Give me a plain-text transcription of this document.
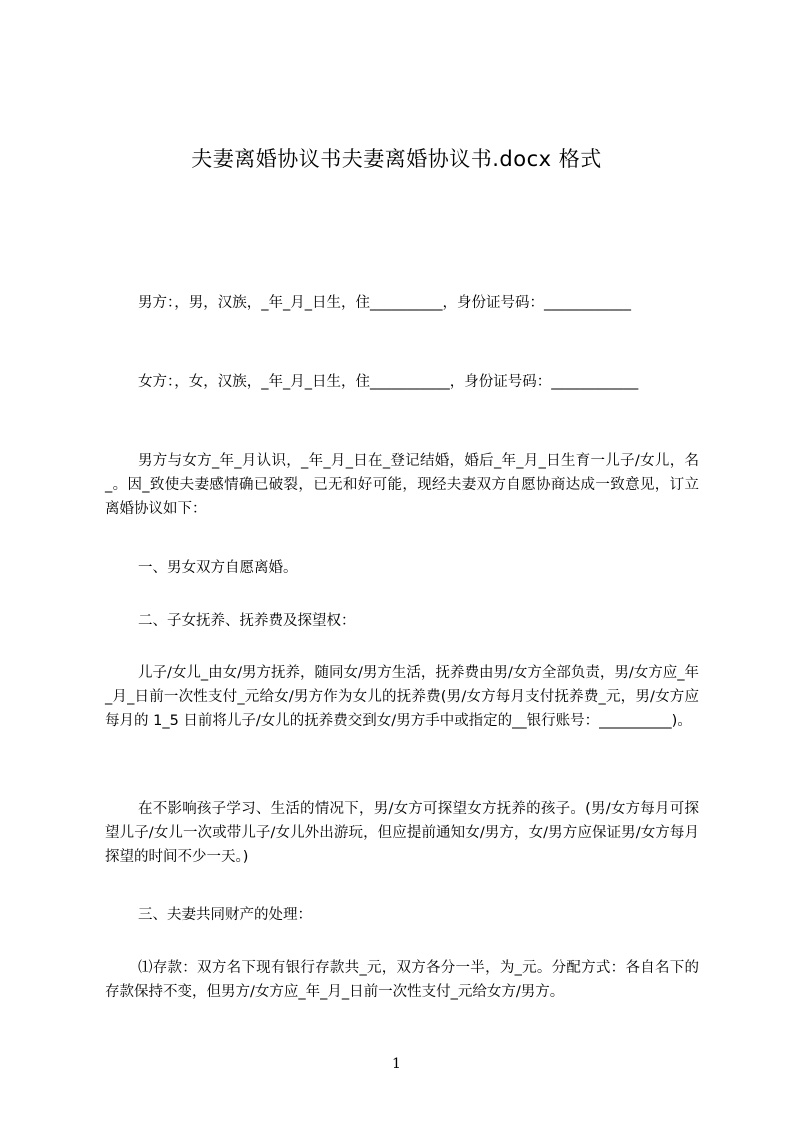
夫妻离婚协议书夫妻离婚协议书.docx 格式
男方：，男，汉族，_年_月_日生，住__________，身份证号码：____________
女方：，女，汉族，_年_月_日生，住___________，身份证号码：____________
男方与女方_年_月认识，_年_月_日在_登记结婚，婚后_年_月_日生育一儿子/女儿，名_。因_致使夫妻感情确已破裂，已无和好可能，现经夫妻双方自愿协商达成一致意见，订立离婚协议如下：
一、男女双方自愿离婚。
二、子女抚养、抚养费及探望权：
儿子/女儿_由女/男方抚养，随同女/男方生活，抚养费由男/女方全部负责，男/女方应_年_月_日前一次性支付_元给女/男方作为女儿的抚养费(男/女方每月支付抚养费_元，男/女方应每月的 1_5 日前将儿子/女儿的抚养费交到女/男方手中或指定的__银行账号：__________)。
在不影响孩子学习、生活的情况下，男/女方可探望女方抚养的孩子。(男/女方每月可探望儿子/女儿一次或带儿子/女儿外出游玩，但应提前通知女/男方，女/男方应保证男/女方每月探望的时间不少一天。)
三、夫妻共同财产的处理：
⑴存款：双方名下现有银行存款共_元，双方各分一半，为_元。分配方式：各自名下的存款保持不变，但男方/女方应_年_月_日前一次性支付_元给女方/男方。
1
